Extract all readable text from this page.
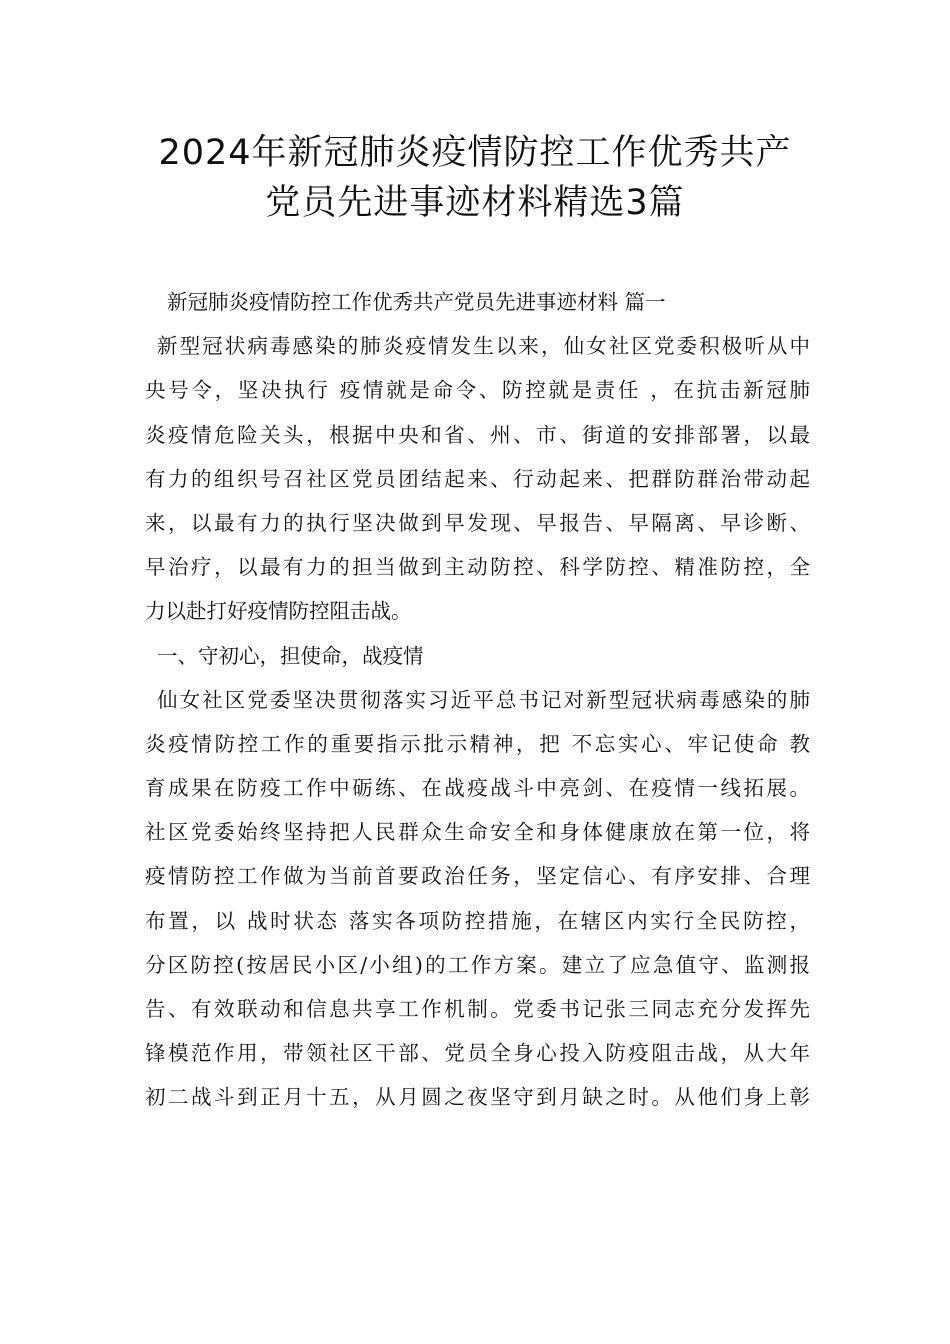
2024年新冠肺炎疫情防控工作优秀共产
党员先进事迹材料精选3篇
新冠肺炎疫情防控工作优秀共产党员先进事迹材料 篇一
新型冠状病毒感染的肺炎疫情发生以来，仙女社区党委积极听从中
央号令，坚决执行 疫情就是命令、防控就是责任 ，在抗击新冠肺
炎疫情危险关头，根据中央和省、州、市、街道的安排部署，以最
有力的组织号召社区党员团结起来、行动起来、把群防群治带动起
来，以最有力的执行坚决做到早发现、早报告、早隔离、早诊断、
早治疗，以最有力的担当做到主动防控、科学防控、精准防控，全
力以赴打好疫情防控阻击战。
一、守初心，担使命，战疫情
仙女社区党委坚决贯彻落实习近平总书记对新型冠状病毒感染的肺
炎疫情防控工作的重要指示批示精神，把 不忘实心、牢记使命 教
育成果在防疫工作中砺练、在战疫战斗中亮剑、在疫情一线拓展。
社区党委始终坚持把人民群众生命安全和身体健康放在第一位，将
疫情防控工作做为当前首要政治任务，坚定信心、有序安排、合理
布置，以 战时状态 落实各项防控措施，在辖区内实行全民防控，
分区防控(按居民小区/小组)的工作方案。建立了应急值守、监测报
告、有效联动和信息共享工作机制。党委书记张三同志充分发挥先
锋模范作用，带领社区干部、党员全身心投入防疫阻击战，从大年
初二战斗到正月十五，从月圆之夜坚守到月缺之时。从他们身上彰
